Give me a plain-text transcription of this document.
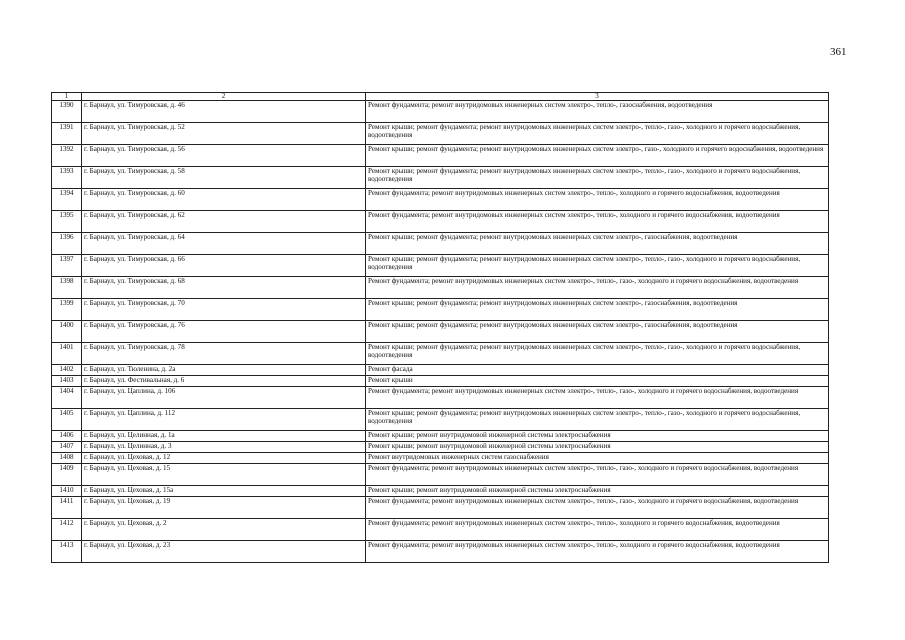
361
1	2	3
1390	г. Барнаул, ул. Тимуровская, д. 46	Ремонт фундамента; ремонт внутридомовых инженерных систем электро-, тепло-, газоснабжения, водоотведения
1391	г. Барнаул, ул. Тимуровская, д. 52	Ремонт крыши; ремонт фундамента; ремонт внутридомовых инженерных систем электро-, тепло-, газо-, холодного и горячего водоснабжения, водоотведения
1392	г. Барнаул, ул. Тимуровская, д. 56	Ремонт крыши; ремонт фундамента; ремонт внутридомовых инженерных систем электро-, газо-, холодного и горячего водоснабжения, водоотведения
1393	г. Барнаул, ул. Тимуровская, д. 58	Ремонт крыши; ремонт фундамента; ремонт внутридомовых инженерных систем электро-, тепло-, газо-, холодного и горячего водоснабжения, водоотведения
1394	г. Барнаул, ул. Тимуровская, д. 60	Ремонт фундамента; ремонт внутридомовых инженерных систем электро-, тепло-, холодного и горячего водоснабжения, водоотведения
1395	г. Барнаул, ул. Тимуровская, д. 62	Ремонт фундамента; ремонт внутридомовых инженерных систем электро-, тепло-, холодного и горячего водоснабжения, водоотведения
1396	г. Барнаул, ул. Тимуровская, д. 64	Ремонт крыши; ремонт фундамента; ремонт внутридомовых инженерных систем электро-, газоснабжения, водоотведения
1397	г. Барнаул, ул. Тимуровская, д. 66	Ремонт крыши; ремонт фундамента; ремонт внутридомовых инженерных систем электро-, тепло-, газо-, холодного и горячего водоснабжения, водоотведения
1398	г. Барнаул, ул. Тимуровская, д. 68	Ремонт фундамента; ремонт внутридомовых инженерных систем электро-, тепло-, газо-, холодного и горячего водоснабжения, водоотведения
1399	г. Барнаул, ул. Тимуровская, д. 70	Ремонт крыши; ремонт фундамента; ремонт внутридомовых инженерных систем электро-, газоснабжения, водоотведения
1400	г. Барнаул, ул. Тимуровская, д. 76	Ремонт крыши; ремонт фундамента; ремонт внутридомовых инженерных систем электро-, газоснабжения, водоотведения
1401	г. Барнаул, ул. Тимуровская, д. 78	Ремонт крыши; ремонт фундамента; ремонт внутридомовых инженерных систем электро-, тепло-, газо-, холодного и горячего водоснабжения, водоотведения
1402	г. Барнаул, ул. Тюленина, д. 2а	Ремонт фасада
1403	г. Барнаул, ул. Фестивальная, д. 6	Ремонт крыши
1404	г. Барнаул, ул. Цаплина, д. 106	Ремонт фундамента; ремонт внутридомовых инженерных систем электро-, тепло-, газо-, холодного и горячего водоснабжения, водоотведения
1405	г. Барнаул, ул. Цаплина, д. 112	Ремонт крыши; ремонт фундамента; ремонт внутридомовых инженерных систем электро-, тепло-, газо-, холодного и горячего водоснабжения, водоотведения
1406	г. Барнаул, ул. Целинная, д. 1а	Ремонт крыши; ремонт внутридомовой инженерной системы электроснабжения
1407	г. Барнаул, ул. Целинная, д. 3	Ремонт крыши; ремонт внутридомовой инженерной системы электроснабжения
1408	г. Барнаул, ул. Цеховая, д. 12	Ремонт внутридомовых инженерных систем газоснабжения
1409	г. Барнаул, ул. Цеховая, д. 15	Ремонт фундамента; ремонт внутридомовых инженерных систем электро-, тепло-, газо-, холодного и горячего водоснабжения, водоотведения
1410	г. Барнаул, ул. Цеховая, д. 15а	Ремонт крыши; ремонт внутридомовой инженерной системы электроснабжения
1411	г. Барнаул, ул. Цеховая, д. 19	Ремонт фундамента; ремонт внутридомовых инженерных систем электро-, тепло-, газо-, холодного и горячего водоснабжения, водоотведения
1412	г. Барнаул, ул. Цеховая, д. 2	Ремонт фундамента; ремонт внутридомовых инженерных систем электро-, тепло-, холодного и горячего водоснабжения, водоотведения
1413	г. Барнаул, ул. Цеховая, д. 23	Ремонт фундамента; ремонт внутридомовых инженерных систем электро-, тепло-, холодного и горячего водоснабжения, водоотведения
